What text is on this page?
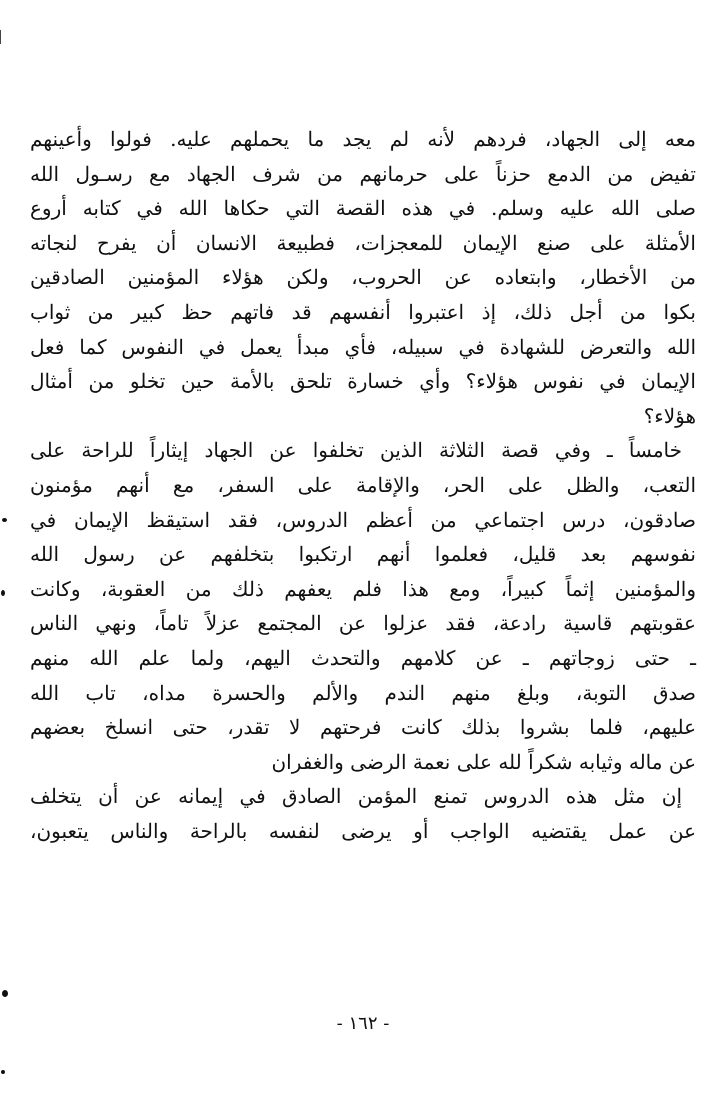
معه إلى الجهاد، فردهم لأنه لم يجد ما يحملهم عليه. فولوا وأعينهم
تفيض من الدمع حزناً على حرمانهم من شرف الجهاد مع رسـول الله
صلى الله عليه وسلم. في هذه القصة التي حكاها الله في كتابه أروع
الأمثلة على صنع الإيمان للمعجزات، فطبيعة الانسان أن يفرح لنجاته
من الأخطار، وابتعاده عن الحروب، ولكن هؤلاء المؤمنين الصادقين
بكوا من أجل ذلك، إذ اعتبروا أنفسهم قد فاتهم حظ كبير من ثواب
الله والتعرض للشهادة في سبيله، فأي مبدأ يعمل في النفوس كما فعل
الإيمان في نفوس هؤلاء؟ وأي خسارة تلحق بالأمة حين تخلو من أمثال
هؤلاء؟
خامساً ـ وفي قصة الثلاثة الذين تخلفوا عن الجهاد إيثاراً للراحة على
التعب، والظل على الحر، والإقامة على السفر، مع أنهم مؤمنون
صادقون، درس اجتماعي من أعظم الدروس، فقد استيقظ الإيمان في
نفوسهم بعد قليل، فعلموا أنهم ارتكبوا بتخلفهم عن رسول الله
والمؤمنين إثماً كبيراً، ومع هذا فلم يعفهم ذلك من العقوبة، وكانت
عقوبتهم قاسية رادعة، فقد عزلوا عن المجتمع عزلاً تاماً، ونهي الناس
ـ حتى زوجاتهم ـ عن كلامهم والتحدث اليهم، ولما علم الله منهم
صدق التوبة، وبلغ منهم الندم والألم والحسرة مداه، تاب الله
عليهم، فلما بشروا بذلك كانت فرحتهم لا تقدر، حتى انسلخ بعضهم
عن ماله وثيابه شكراً لله على نعمة الرضى والغفران
إن مثل هذه الدروس تمنع المؤمن الصادق في إيمانه عن أن يتخلف
عن عمل يقتضيه الواجب أو يرضى لنفسه بالراحة والناس يتعبون،
- ١٦٢ -
